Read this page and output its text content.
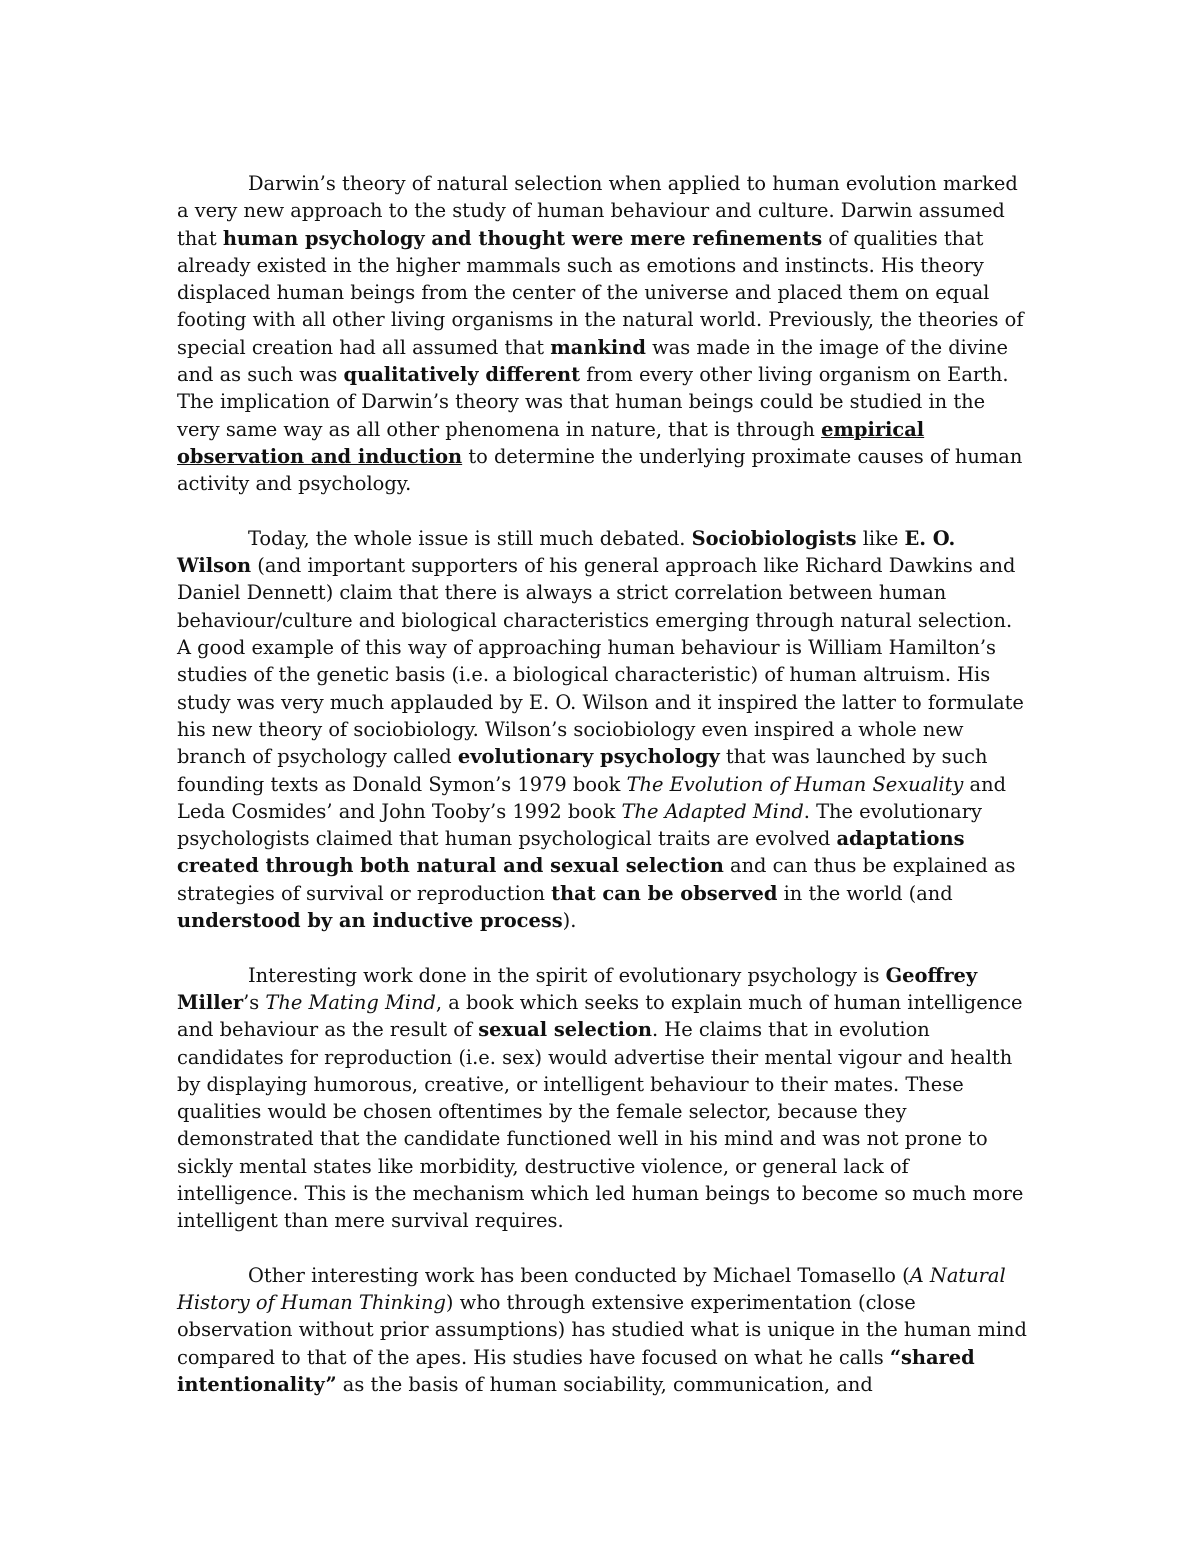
Darwin’s theory of natural selection when applied to human evolution marked a very new approach to the study of human behaviour and culture. Darwin assumed that human psychology and thought were mere refinements of qualities that already existed in the higher mammals such as emotions and instincts. His theory displaced human beings from the center of the universe and placed them on equal footing with all other living organisms in the natural world. Previously, the theories of special creation had all assumed that mankind was made in the image of the divine and as such was qualitatively different from every other living organism on Earth. The implication of Darwin’s theory was that human beings could be studied in the very same way as all other phenomena in nature, that is through empirical observation and induction to determine the underlying proximate causes of human activity and psychology.

Today, the whole issue is still much debated. Sociobiologists like E. O. Wilson (and important supporters of his general approach like Richard Dawkins and Daniel Dennett) claim that there is always a strict correlation between human behaviour/culture and biological characteristics emerging through natural selection. A good example of this way of approaching human behaviour is William Hamilton’s studies of the genetic basis (i.e. a biological characteristic) of human altruism. His study was very much applauded by E. O. Wilson and it inspired the latter to formulate his new theory of sociobiology. Wilson’s sociobiology even inspired a whole new branch of psychology called evolutionary psychology that was launched by such founding texts as Donald Symon’s 1979 book The Evolution of Human Sexuality and Leda Cosmides’ and John Tooby’s 1992 book The Adapted Mind. The evolutionary psychologists claimed that human psychological traits are evolved adaptations created through both natural and sexual selection and can thus be explained as strategies of survival or reproduction that can be observed in the world (and understood by an inductive process).

Interesting work done in the spirit of evolutionary psychology is Geoffrey Miller’s The Mating Mind, a book which seeks to explain much of human intelligence and behaviour as the result of sexual selection. He claims that in evolution candidates for reproduction (i.e. sex) would advertise their mental vigour and health by displaying humorous, creative, or intelligent behaviour to their mates. These qualities would be chosen oftentimes by the female selector, because they demonstrated that the candidate functioned well in his mind and was not prone to sickly mental states like morbidity, destructive violence, or general lack of intelligence. This is the mechanism which led human beings to become so much more intelligent than mere survival requires.

Other interesting work has been conducted by Michael Tomasello (A Natural History of Human Thinking) who through extensive experimentation (close observation without prior assumptions) has studied what is unique in the human mind compared to that of the apes. His studies have focused on what he calls “shared intentionality” as the basis of human sociability, communication, and
